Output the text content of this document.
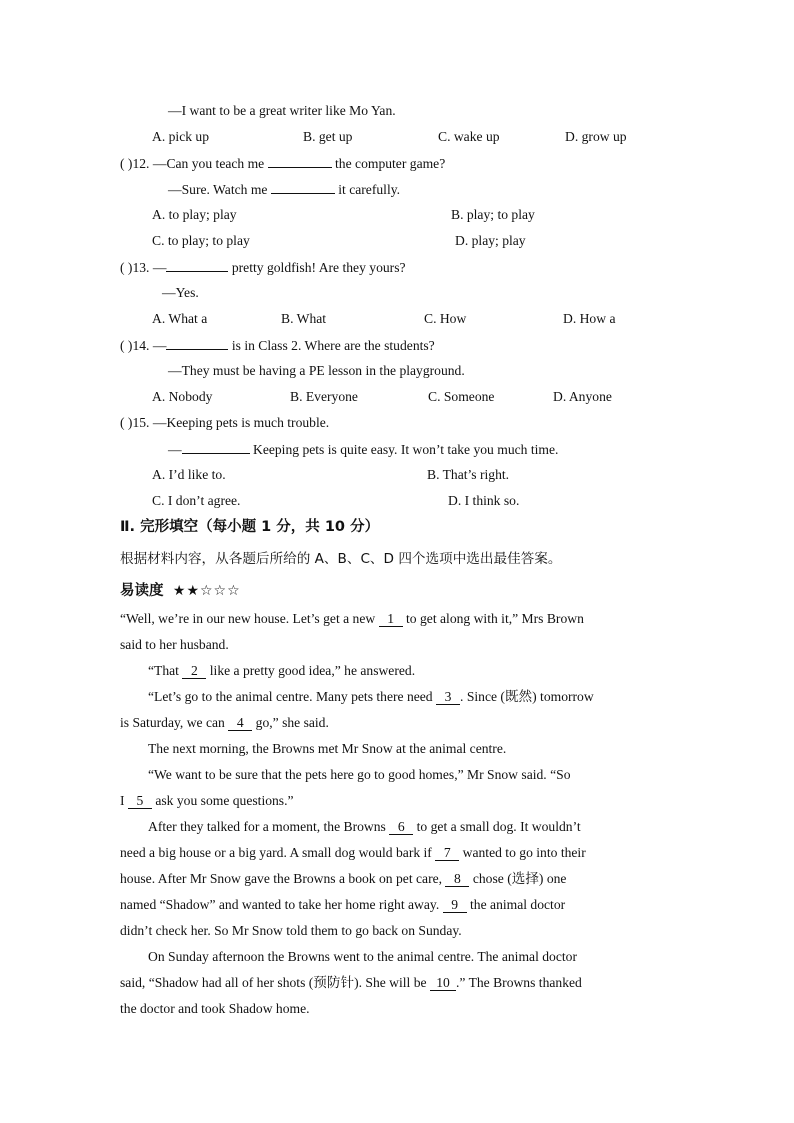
—I want to be a great writer like Mo Yan.
A. pick up	B. get up	C. wake up	D. grow up
( )12. —Can you teach me	the computer game?
—Sure. Watch me	it carefully.
A. to play; play	B. play; to play
C. to play; to play	D. play; play
( )13. —	pretty goldfish! Are they yours?
—Yes.
A. What a	B. What	C. How	D. How a
( )14. —	is in Class 2. Where are the students?
—They must be having a PE lesson in the playground.
A. Nobody	B. Everyone	C. Someone	D. Anyone
( )15. —Keeping pets is much trouble.
—	Keeping pets is quite easy. It won’t take you much time.
A. I’d like to.	B. That’s right.
C. I don’t agree.	D. I think so.
Ⅱ. 完形填空（每小题 1 分，共 10 分）
根据材料内容，从各题后所给的 A、B、C、D 四个选项中选出最佳答案。
易读度 ★★☆☆☆
“Well, we’re in our new house. Let’s get a new 1 to get along with it,” Mrs Brown
said to her husband.
“That 2 like a pretty good idea,” he answered.
“Let’s go to the animal centre. Many pets there need 3 . Since (既然) tomorrow
is Saturday, we can 4 go,” she said.
The next morning, the Browns met Mr Snow at the animal centre.
“We want to be sure that the pets here go to good homes,” Mr Snow said. “So
I 5 ask you some questions.”
After they talked for a moment, the Browns 6 to get a small dog. It wouldn’t
need a big house or a big yard. A small dog would bark if 7 wanted to go into their
house. After Mr Snow gave the Browns a book on pet care, 8 chose (选择) one
named “Shadow” and wanted to take her home right away. 9 the animal doctor
didn’t check her. So Mr Snow told them to go back on Sunday.
On Sunday afternoon the Browns went to the animal centre. The animal doctor
said, “Shadow had all of her shots (预防针). She will be 10 .” The Browns thanked
the doctor and took Shadow home.
